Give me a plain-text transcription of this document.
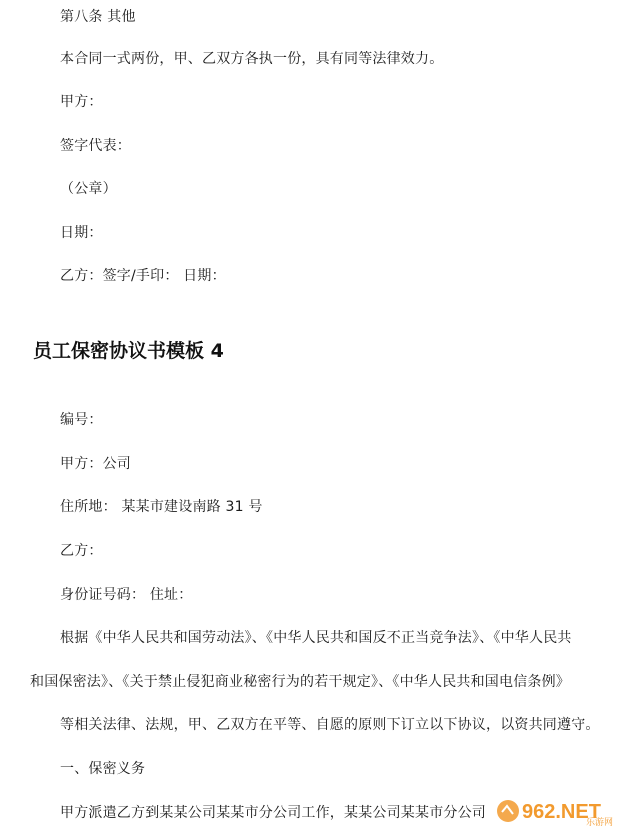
第八条 其他
本合同一式两份，甲、乙双方各执一份，具有同等法律效力。
甲方：
签字代表：
（公章）
日期：
乙方：签字/手印： 日期：
员工保密协议书模板 4
编号：
甲方：公司
住所地： 某某市建设南路 31 号
乙方：
身份证号码： 住址：
根据《中华人民共和国劳动法》、《中华人民共和国反不正当竞争法》、《中华人民共
和国保密法》、《关于禁止侵犯商业秘密行为的若干规定》、《中华人民共和国电信条例》
等相关法律、法规，甲、乙双方在平等、自愿的原则下订立以下协议，以资共同遵守。
一、保密义务
甲方派遣乙方到某某公司某某市分公司工作，某某公司某某市分公司 962.NET
乐游网
